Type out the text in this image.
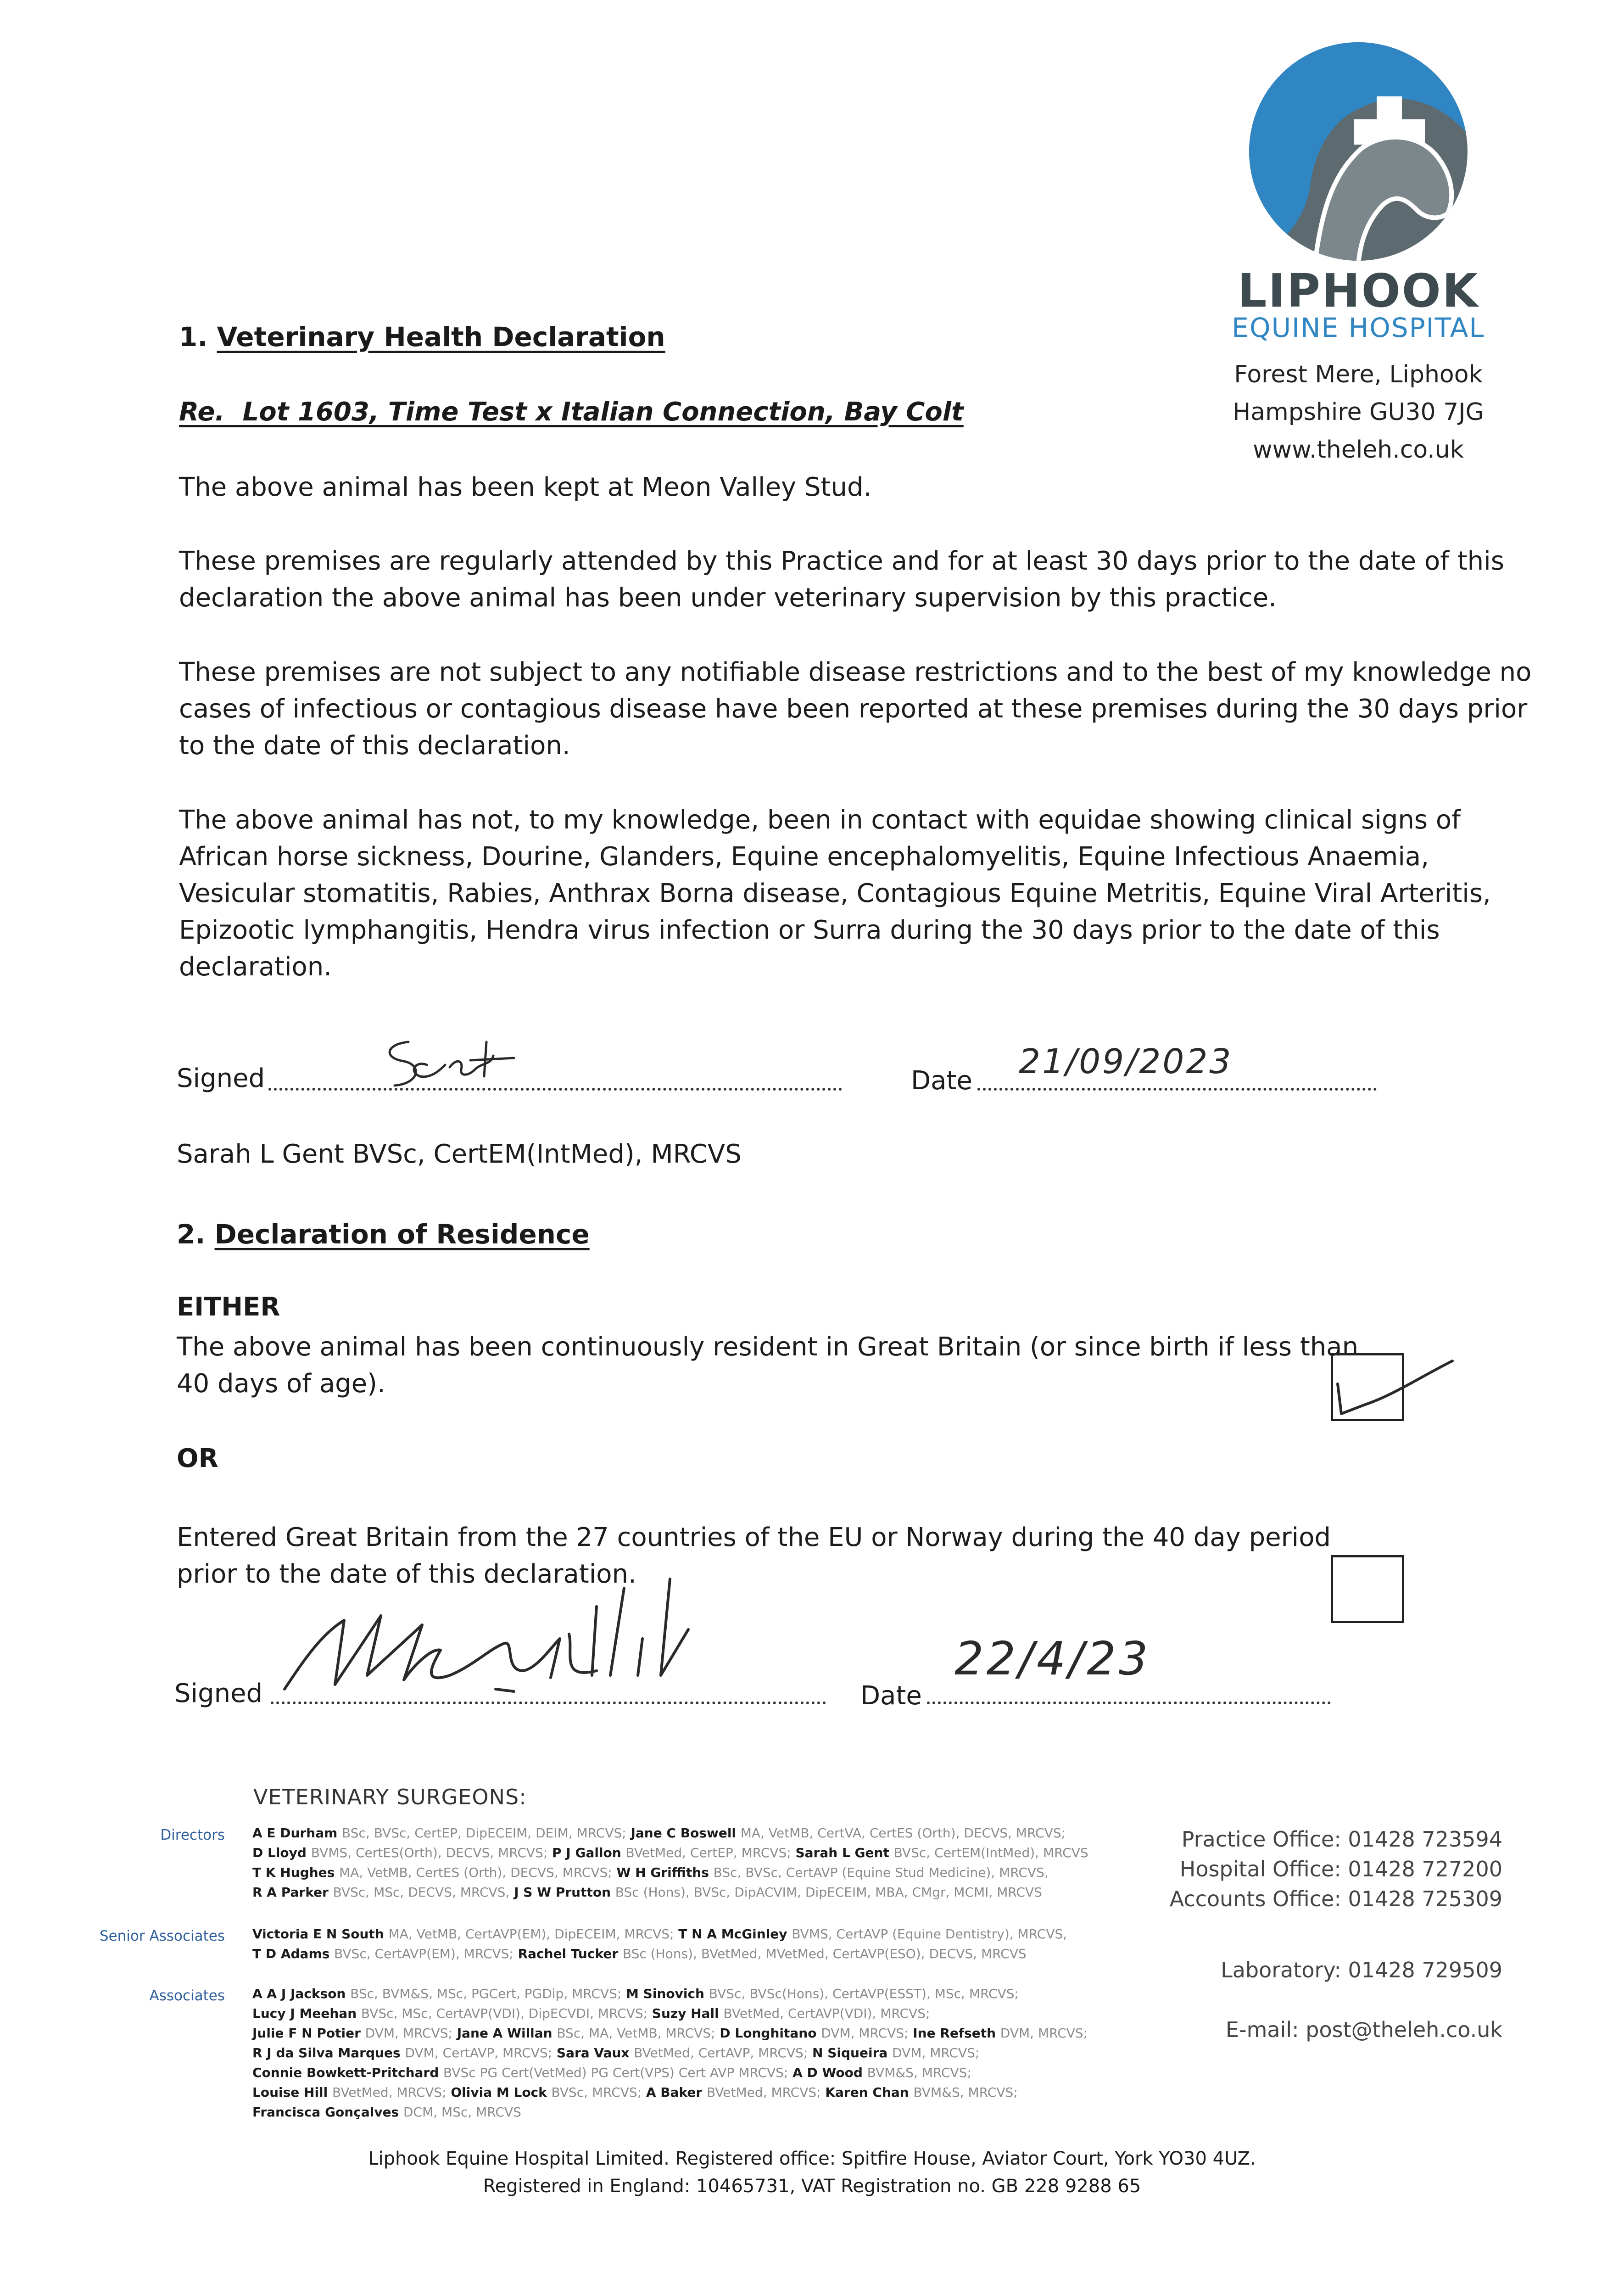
LIPHOOK
EQUINE HOSPITAL
Forest Mere, Liphook
Hampshire GU30 7JG
www.theleh.co.uk
1. Veterinary Health Declaration
Re.  Lot 1603, Time Test x Italian Connection, Bay Colt
The above animal has been kept at Meon Valley Stud.
These premises are regularly attended by this Practice and for at least 30 days prior to the date of this
declaration the above animal has been under veterinary supervision by this practice.
These premises are not subject to any notifiable disease restrictions and to the best of my knowledge no
cases of infectious or contagious disease have been reported at these premises during the 30 days prior
to the date of this declaration.
The above animal has not, to my knowledge, been in contact with equidae showing clinical signs of
African horse sickness, Dourine, Glanders, Equine encephalomyelitis, Equine Infectious Anaemia,
Vesicular stomatitis, Rabies, Anthrax Borna disease, Contagious Equine Metritis, Equine Viral Arteritis,
Epizootic lymphangitis, Hendra virus infection or Surra during the 30 days prior to the date of this
declaration.
Signed	Date 21/09/2023
Sarah L Gent BVSc, CertEM(IntMed), MRCVS
2. Declaration of Residence
EITHER
The above animal has been continuously resident in Great Britain (or since birth if less than
40 days of age).
OR
Entered Great Britain from the 27 countries of the EU or Norway during the 40 day period
prior to the date of this declaration.
Signed	Date
22/4/23
VETERINARY SURGEONS:
Directors A E Durham BSc, BVSc, CertEP, DipECEIM, DEIM, MRCVS; Jane C Boswell MA, VetMB, CertVA, CertES (Orth), DECVS, MRCVS;
D Lloyd BVMS, CertES(Orth), DECVS, MRCVS; P J Gallon BVetMed, CertEP, MRCVS; Sarah L Gent BVSc, CertEM(IntMed), MRCVS
T K Hughes MA, VetMB, CertES (Orth), DECVS, MRCVS; W H Griffiths BSc, BVSc, CertAVP (Equine Stud Medicine), MRCVS,
R A Parker BVSc, MSc, DECVS, MRCVS, J S W Prutton BSc (Hons), BVSc, DipACVIM, DipECEIM, MBA, CMgr, MCMI, MRCVS
Senior Associates Victoria E N South MA, VetMB, CertAVP(EM), DipECEIM, MRCVS; T N A McGinley BVMS, CertAVP (Equine Dentistry), MRCVS,
T D Adams BVSc, CertAVP(EM), MRCVS; Rachel Tucker BSc (Hons), BVetMed, MVetMed, CertAVP(ESO), DECVS, MRCVS
Associates A A J Jackson BSc, BVM&S, MSc, PGCert, PGDip, MRCVS; M Sinovich BVSc, BVSc(Hons), CertAVP(ESST), MSc, MRCVS;
Lucy J Meehan BVSc, MSc, CertAVP(VDI), DipECVDI, MRCVS; Suzy Hall BVetMed, CertAVP(VDI), MRCVS;
Julie F N Potier DVM, MRCVS; Jane A Willan BSc, MA, VetMB, MRCVS; D Longhitano DVM, MRCVS; Ine Refseth DVM, MRCVS;
R J da Silva Marques DVM, CertAVP, MRCVS; Sara Vaux BVetMed, CertAVP, MRCVS; N Siqueira DVM, MRCVS;
Connie Bowkett-Pritchard BVSc PG Cert(VetMed) PG Cert(VPS) Cert AVP MRCVS; A D Wood BVM&S, MRCVS;
Louise Hill BVetMed, MRCVS; Olivia M Lock BVSc, MRCVS; A Baker BVetMed, MRCVS; Karen Chan BVM&S, MRCVS;
Francisca Gonçalves DCM, MSc, MRCVS
Practice Office: 01428 723594
Hospital Office: 01428 727200
Accounts Office: 01428 725309
Laboratory: 01428 729509
E-mail: post@theleh.co.uk
Liphook Equine Hospital Limited. Registered office: Spitfire House, Aviator Court, York YO30 4UZ.
Registered in England: 10465731, VAT Registration no. GB 228 9288 65
